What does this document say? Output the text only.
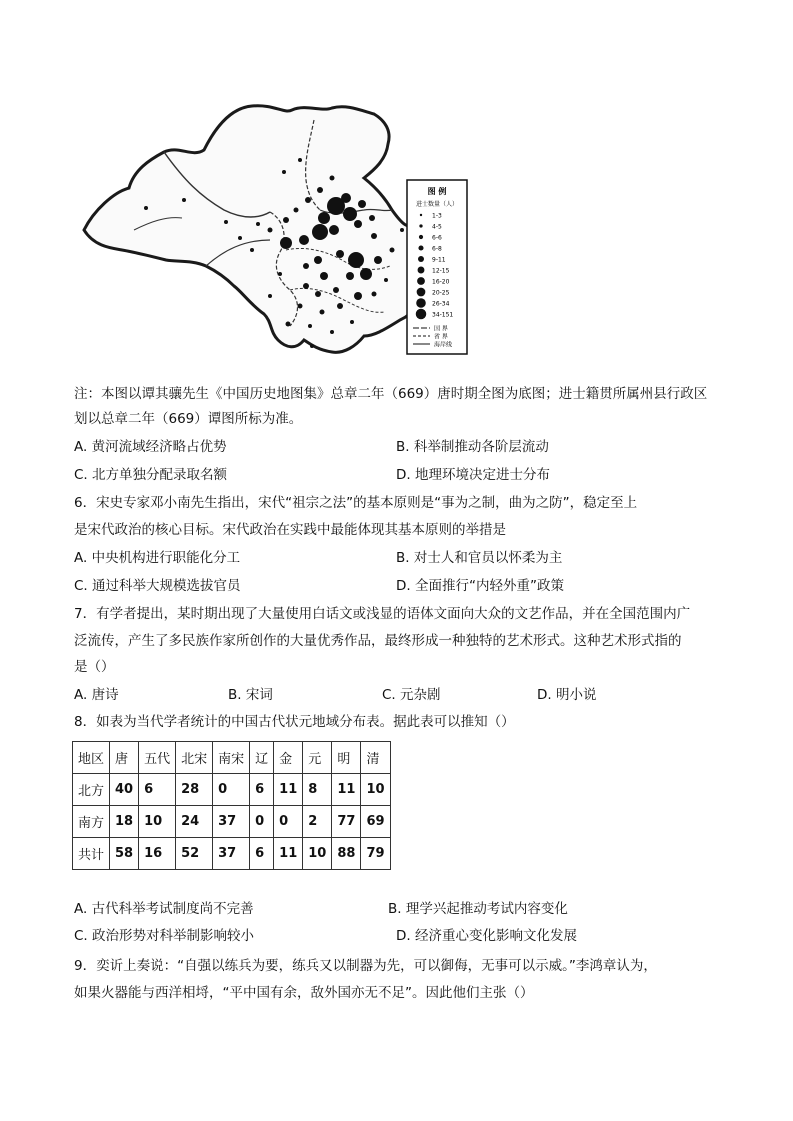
图 例
进士数量（人）
1-3
4-5
6-6
6-8
9-11
12-15
16-20
20-25
26-34
34-151
国 界
省 界
海岸线
注：本图以谭其骧先生《中国历史地图集》总章二年（669）唐时期全图为底图；进士籍贯所属州县行政区
划以总章二年（669）谭图所标为准。
A. 黄河流域经济略占优势	B. 科举制推动各阶层流动
C. 北方单独分配录取名额	D. 地理环境决定进士分布
6．宋史专家邓小南先生指出，宋代“祖宗之法”的基本原则是“事为之制，曲为之防”，稳定至上
是宋代政治的核心目标。宋代政治在实践中最能体现其基本原则的举措是
A. 中央机构进行职能化分工	B. 对士人和官员以怀柔为主
C. 通过科举大规模选拔官员	D. 全面推行“内轻外重”政策
7．有学者提出，某时期出现了大量使用白话文或浅显的语体文面向大众的文艺作品，并在全国范围内广
泛流传，产生了多民族作家所创作的大量优秀作品，最终形成一种独特的艺术形式。这种艺术形式指的
是（）
A. 唐诗	B. 宋词	C. 元杂剧	D. 明小说
8．如表为当代学者统计的中国古代状元地域分布表。据此表可以推知（）
地区	唐	五代	北宋	南宋	辽	金	元	明	清
北方	40	6	28	0	6	11	8	11	10
南方	18	10	24	37	0	0	2	77	69
共计	58	16	52	37	6	11	10	88	79
A. 古代科举考试制度尚不完善	B. 理学兴起推动考试内容变化
C. 政治形势对科举制影响较小	D. 经济重心变化影响文化发展
9．奕䜣上奏说：“自强以练兵为要，练兵又以制器为先，可以御侮，无事可以示威。”李鸿章认为，
如果火器能与西洋相埒，“平中国有余，敌外国亦无不足”。因此他们主张（）
